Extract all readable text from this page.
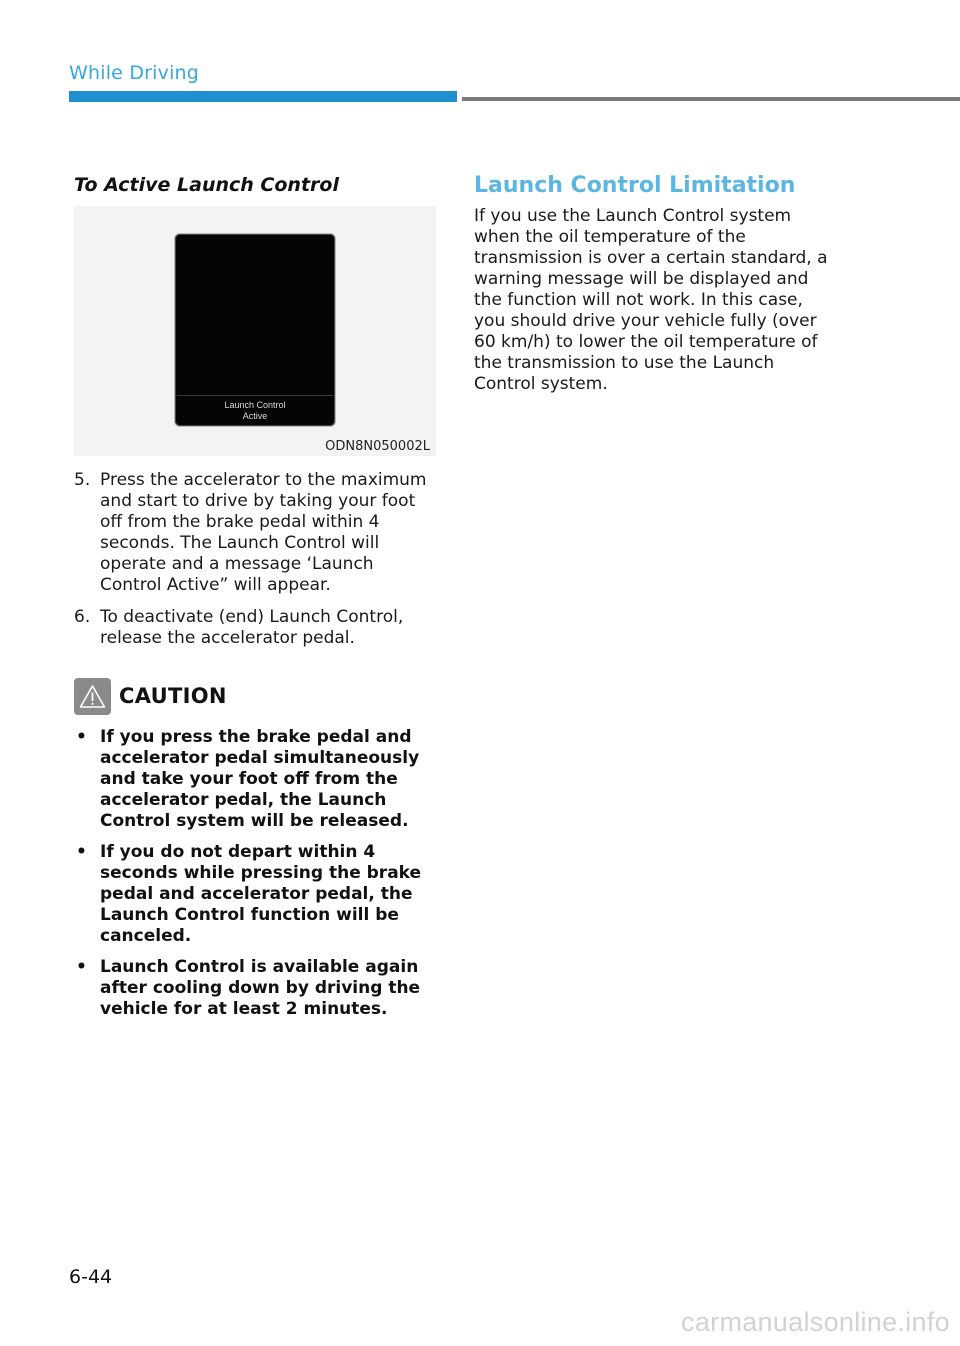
While Driving
To Active Launch Control
Launch Control
Active
ODN8N050002L
5. Press the accelerator to the maximum and start to drive by taking your foot off from the brake pedal within 4 seconds. The Launch Control will operate and a message ‘Launch Control Active” will appear.
6. To deactivate (end) Launch Control, release the accelerator pedal.
CAUTION
• If you press the brake pedal and accelerator pedal simultaneously and take your foot off from the accelerator pedal, the Launch Control system will be released.
• If you do not depart within 4 seconds while pressing the brake pedal and accelerator pedal, the Launch Control function will be canceled.
• Launch Control is available again after cooling down by driving the vehicle for at least 2 minutes.
Launch Control Limitation

If you use the Launch Control system when the oil temperature of the transmission is over a certain standard, a warning message will be displayed and the function will not work. In this case, you should drive your vehicle fully (over 60 km/h) to lower the oil temperature of the transmission to use the Launch Control system.

6-44
carmanualsonline.info
